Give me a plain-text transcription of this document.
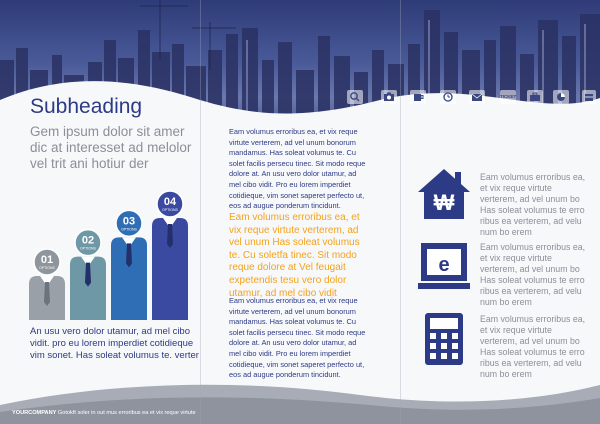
TICKET
Subheading
Gem ipsum dolor sit amer dic at interesset ad melolor vel trit ani hotiur der
01
OPTIONS
02
OPTIONS
03
OPTIONS
04
OPTIONS
An usu vero dolor utamur, ad mel cibo vidit. pro eu lorem imperdiet cotidieque vim sonet. Has soleat volumus te. verter
Eam volumus erroribus ea, et vix reque virtute verterem, ad vel unum bonorum mandamus. Has soleat volumus te. Cu solet facilis persecu tinec. Sit modo reque dolore at. An usu vero dolor utamur, ad mel cibo vidit. Pro eu lorem imperdiet cotidieque, vim sonet saperet perfecto ut, eos ad augue ponderum tincidunt.
Eam volumus erroribus ea, et vix reque virtute verterem, ad vel unum Has soleat volumus te. Cu soletfa tinec. Sit modo reque dolore at Vel feugait expetendis tesu vero dolor utamur, ad mel cibo vidit
Eam volumus erroribus ea, et vix reque virtute verterem, ad vel unum bonorum mandamus. Has soleat volumus te. Cu solet facilis persecu tinec. Sit modo reque dolore at. An usu vero dolor utamur, ad mel cibo vidit. Pro eu lorem imperdiet cotidieque, vim sonet saperet perfecto ut, eos ad augue ponderum tincidunt.
₩
Eam volumus erroribus ea, et vix reque virtute verterem, ad vel unum bo Has soleat volumus te erro ribus ea verterem, ad velu num bo erem
e
Eam volumus erroribus ea, et vix reque virtute verterem, ad vel unum bo Has soleat volumus te erro ribus ea verterem, ad velu num bo erem
Eam volumus erroribus ea, et vix reque virtute verterem, ad vel unum bo Has soleat volumus te erro ribus ea verterem, ad velu num bo erem
YOURCOMPANY Gotokft soler in out mus erroribus ea et vix reque virtute
